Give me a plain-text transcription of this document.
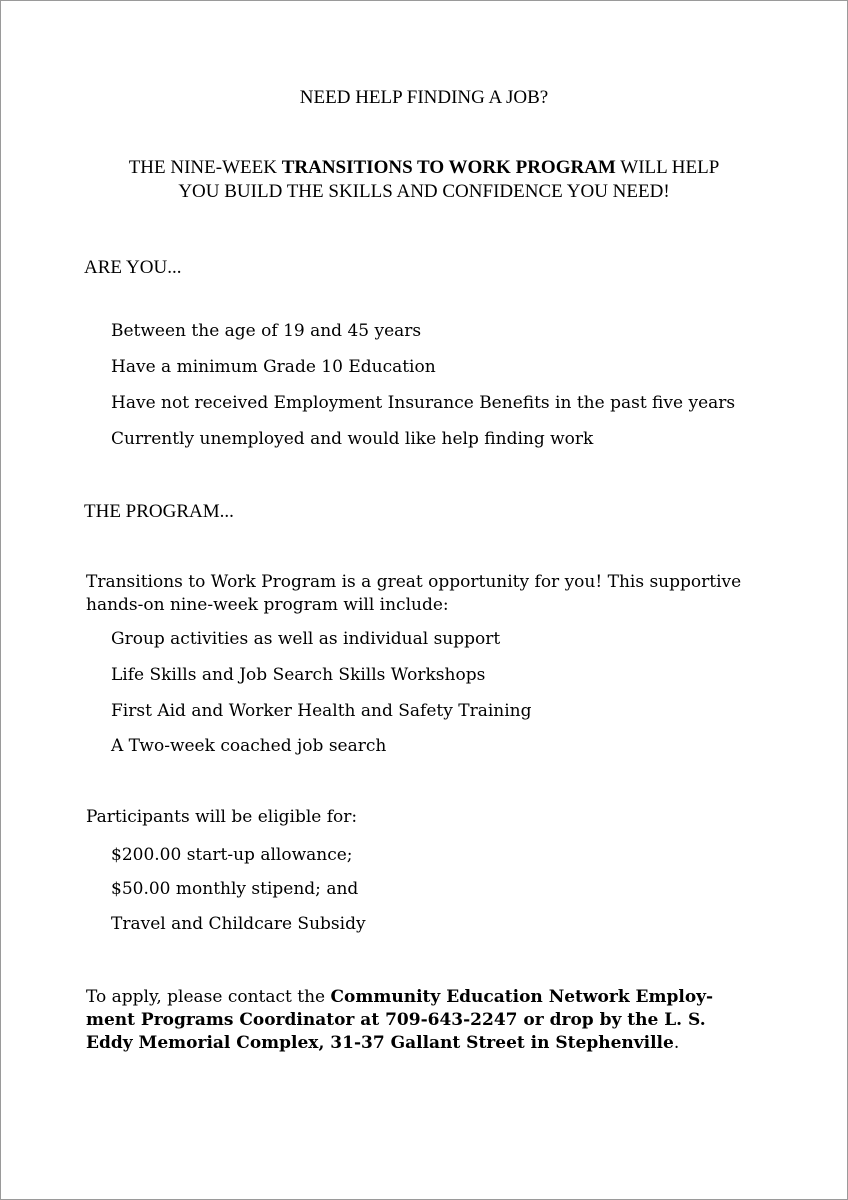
NEED HELP FINDING A JOB?
THE NINE-WEEK TRANSITIONS TO WORK PROGRAM WILL HELP
YOU BUILD THE SKILLS AND CONFIDENCE YOU NEED!
ARE YOU...
Between the age of 19 and 45 years
Have a minimum Grade 10 Education
Have not received Employment Insurance Benefits in the past five years
Currently unemployed and would like help finding work
THE PROGRAM...
Transitions to Work Program is a great opportunity for you! This supportive
hands-on nine-week program will include:
Group activities as well as individual support
Life Skills and Job Search Skills Workshops
First Aid and Worker Health and Safety Training
A Two-week coached job search
Participants will be eligible for:
$200.00 start-up allowance;
$50.00 monthly stipend; and
Travel and Childcare Subsidy
To apply, please contact the Community Education Network Employ-
ment Programs Coordinator at 709-643-2247 or drop by the L. S.
Eddy Memorial Complex, 31-37 Gallant Street in Stephenville.
